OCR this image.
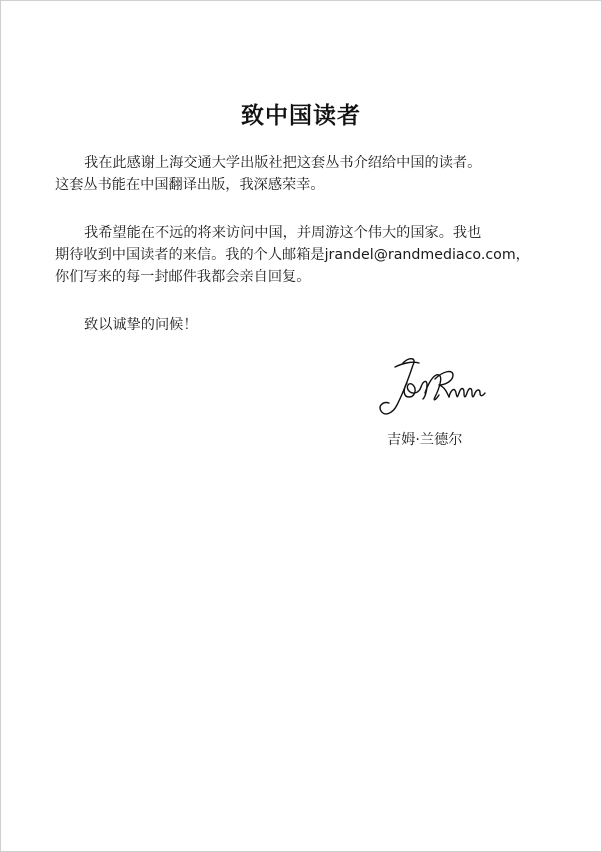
致中国读者
我在此感谢上海交通大学出版社把这套丛书介绍给中国的读者。
这套丛书能在中国翻译出版，我深感荣幸。
我希望能在不远的将来访问中国，并周游这个伟大的国家。我也
期待收到中国读者的来信。我的个人邮箱是jrandel@randmediaco.com，
你们写来的每一封邮件我都会亲自回复。
致以诚挚的问候！

吉姆·兰德尔
